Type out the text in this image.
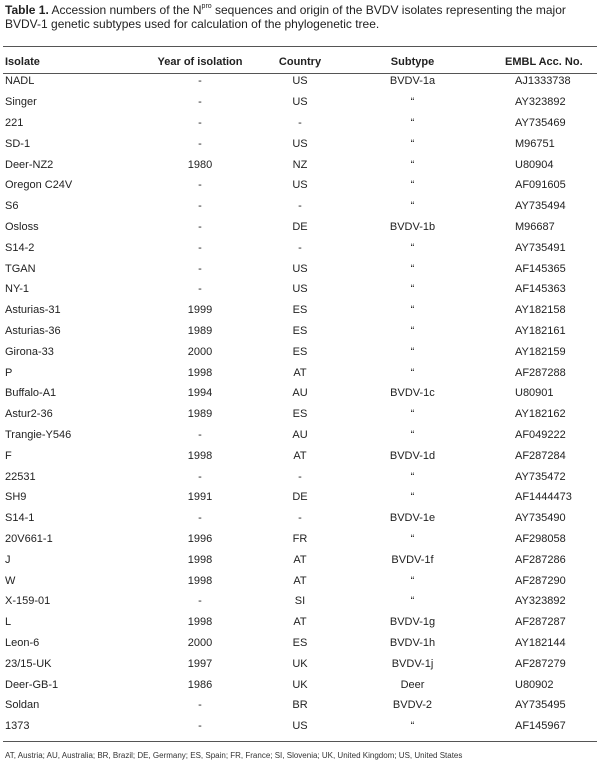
Table 1. Accession numbers of the $N^{pro}$ sequences and origin of the BVDV isolates representing the major BVDV-1 genetic subtypes used for calculation of the phylogenetic tree.
Isolate	Year of isolation	Country	Subtype	EMBL Acc. No.
NADL	-	US	BVDV-1a	AJ1333738
Singer	-	US	“	AY323892
221	-	-	“	AY735469
SD-1	-	US	“	M96751
Deer-NZ2	1980	NZ	“	U80904
Oregon C24V	-	US	“	AF091605
S6	-	-	“	AY735494
Osloss	-	DE	BVDV-1b	M96687
S14-2	-	-	“	AY735491
TGAN	-	US	“	AF145365
NY-1	-	US	“	AF145363
Asturias-31	1999	ES	“	AY182158
Asturias-36	1989	ES	“	AY182161
Girona-33	2000	ES	“	AY182159
P	1998	AT	“	AF287288
Buffalo-A1	1994	AU	BVDV-1c	U80901
Astur2-36	1989	ES	“	AY182162
Trangie-Y546	-	AU	“	AF049222
F	1998	AT	BVDV-1d	AF287284
22531	-	-	“	AY735472
SH9	1991	DE	“	AF1444473
S14-1	-	-	BVDV-1e	AY735490
20V661-1	1996	FR	“	AF298058
J	1998	AT	BVDV-1f	AF287286
W	1998	AT	“	AF287290
X-159-01	-	SI	“	AY323892
L	1998	AT	BVDV-1g	AF287287
Leon-6	2000	ES	BVDV-1h	AY182144
23/15-UK	1997	UK	BVDV-1j	AF287279
Deer-GB-1	1986	UK	Deer	U80902
Soldan	-	BR	BVDV-2	AY735495
1373	-	US	“	AF145967
AT, Austria; AU, Australia; BR, Brazil; DE, Germany; ES, Spain; FR, France; SI, Slovenia; UK, United Kingdom; US, United States
